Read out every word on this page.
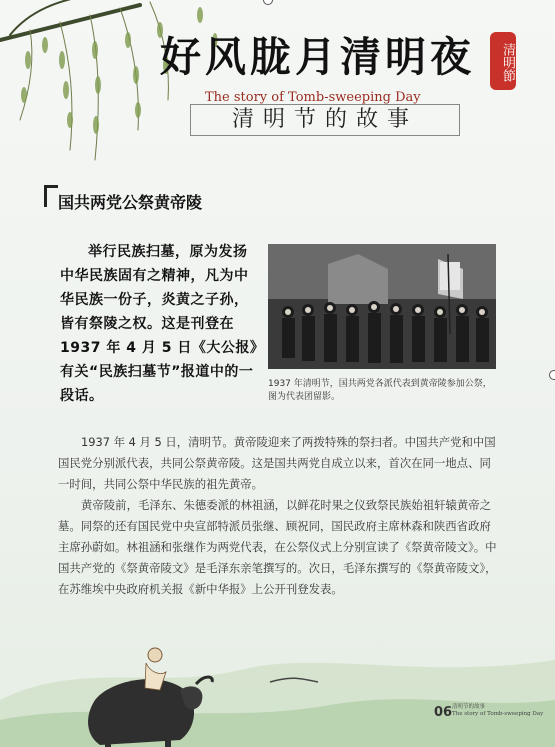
好风胧月清明夜	清明節
The story of Tomb-sweeping Day
清明节的故事
国共两党公祭黄帝陵
举行民族扫墓，原为发扬中华民族固有之精神，凡为中华民族一份子，炎黄之子孙，皆有祭陵之权。这是刊登在 1937 年 4 月 5 日《大公报》有关“民族扫墓节”报道中的一段话。
1937 年清明节，国共两党各派代表到黄帝陵参加公祭，图为代表团留影。

1937 年 4 月 5 日，清明节。黄帝陵迎来了两拨特殊的祭扫者。中国共产党和中国国民党分别派代表，共同公祭黄帝陵。这是国共两党自成立以来，首次在同一地点、同一时间，共同公祭中华民族的祖先黄帝。

黄帝陵前，毛泽东、朱德委派的林祖涵，以鲜花时果之仪致祭民族始祖轩辕黄帝之墓。同祭的还有国民党中央宣部特派员张继、顾祝同，国民政府主席林森和陕西省政府主席孙蔚如。林祖涵和张继作为两党代表，在公祭仪式上分别宣读了《祭黄帝陵文》。中国共产党的《祭黄帝陵文》是毛泽东亲笔撰写的。次日，毛泽东撰写的《祭黄帝陵文》，在苏维埃中央政府机关报《新中华报》上公开刊登发表。

06 清明节的故事
The story of Tomb-sweeping Day
